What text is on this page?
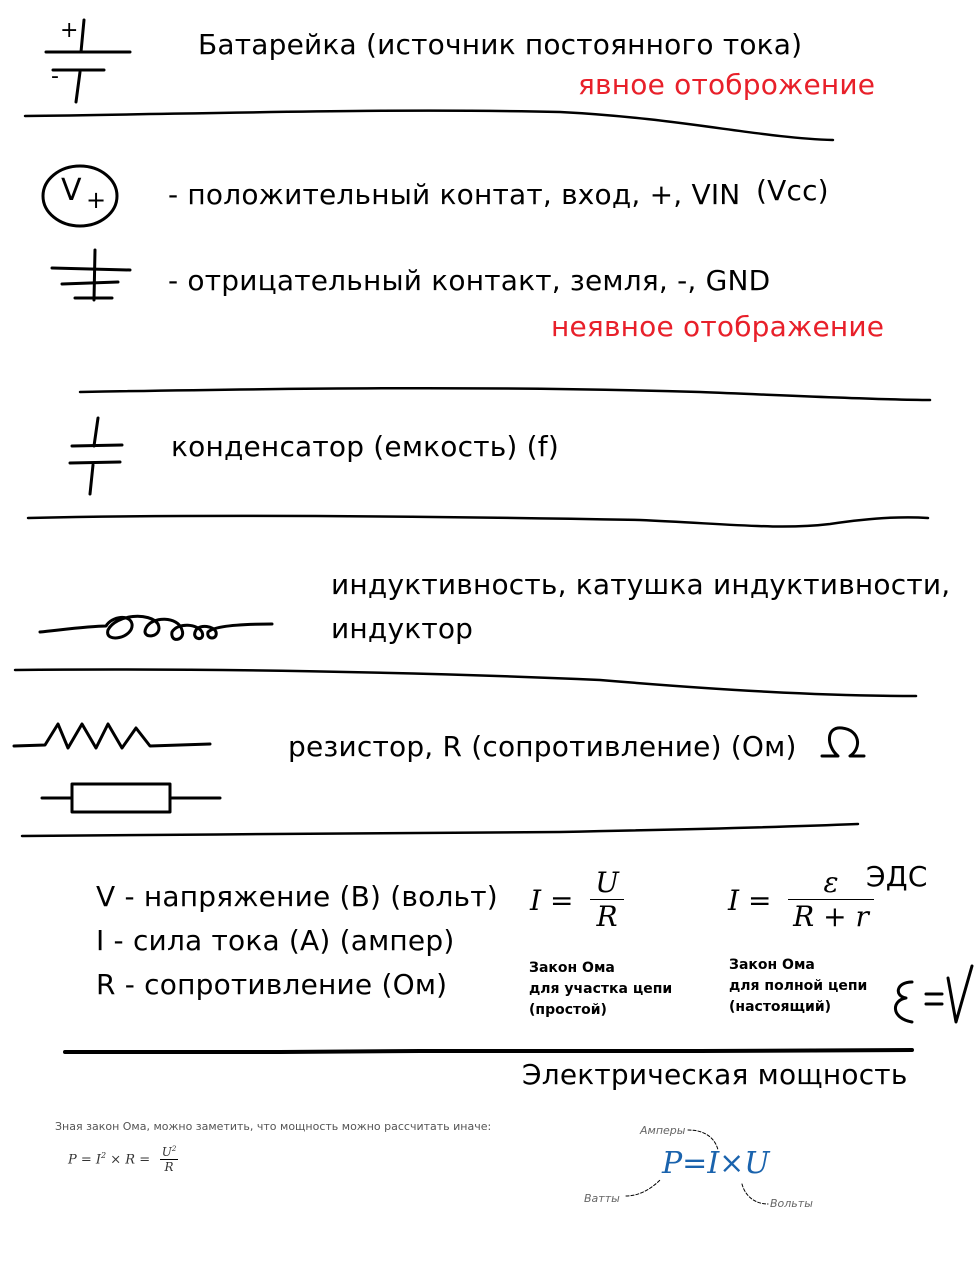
+
-
Батарейка (источник постоянного тока)
явное отоброжение
V + - положительный контат, вход, +, VIN (Vcc)
- отрицательный контакт, земля, -, GND
неявное отображение
конденсатор (емкость) (f)
индуктивность, катушка индуктивности,
индуктор
резистор, R (сопротивление) (Ом)
V - напряжение (В) (вольт)
I - сила тока (А) (ампер)
R - сопротивление (Ом)
$I = \frac{U}{R}$
Закон Ома
для участка цепи
(простой)
$I = \frac{\varepsilon}{R + r}$
ЭДС
Закон Ома
для полной цепи
(настоящий)
Электрическая мощность
Зная закон Ома, можно заметить, что мощность можно рассчитать иначе:
$P = I^2 \times R = \frac{U^2}{R}$	P=I×U
Амперы
Ватты	Вольты
